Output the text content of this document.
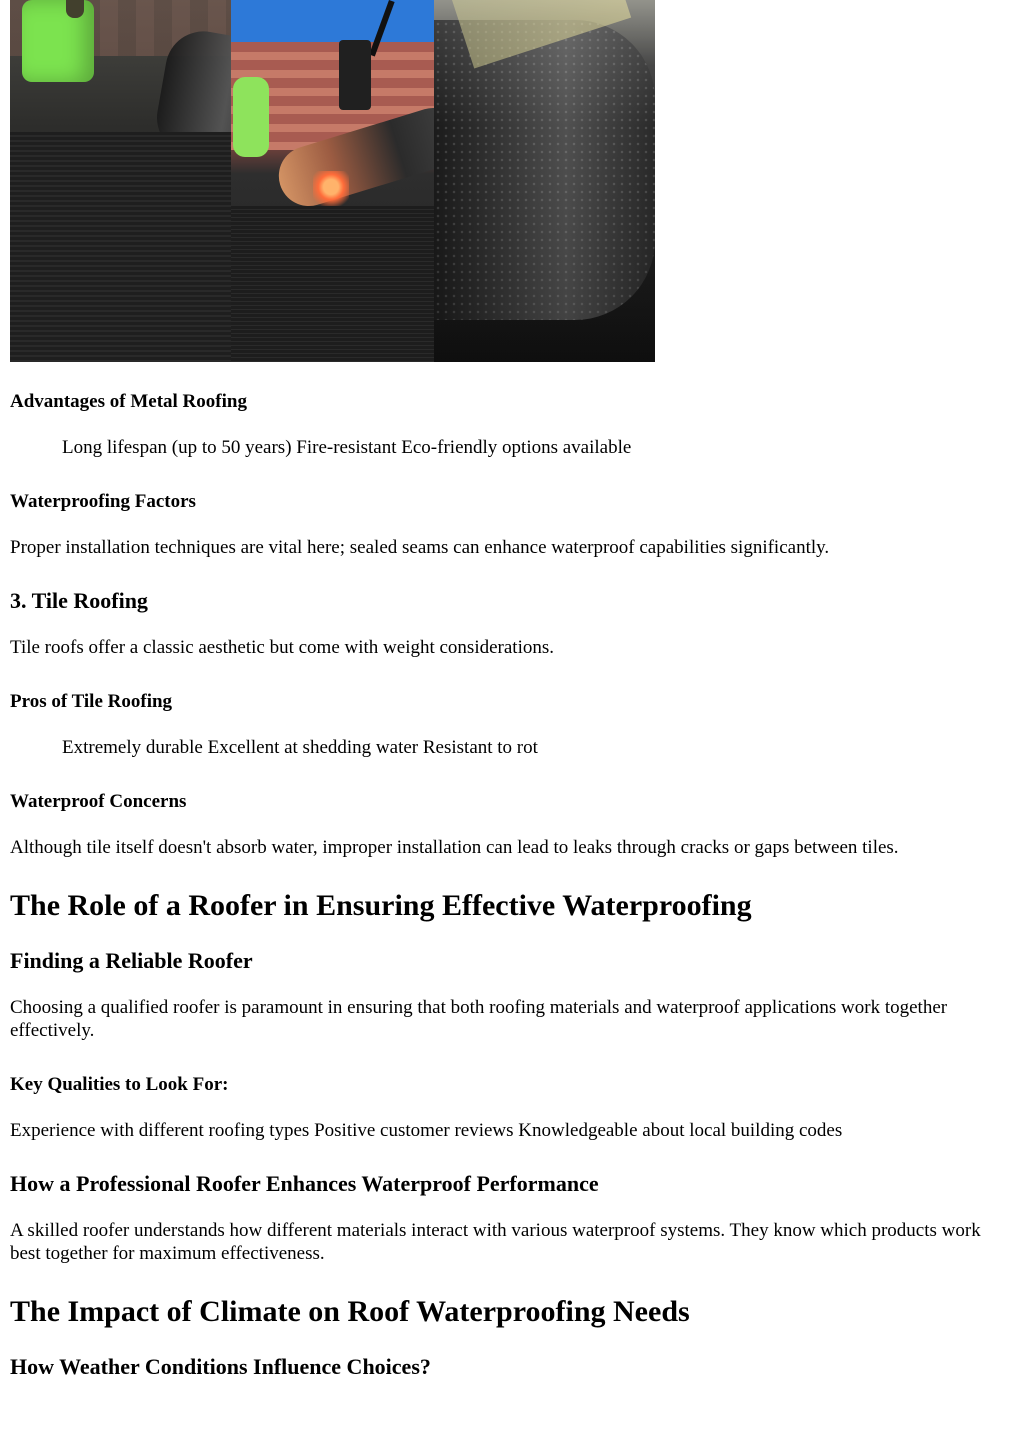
Advantages of Metal Roofing
Long lifespan (up to 50 years) Fire-resistant Eco-friendly options available
Waterproofing Factors
Proper installation techniques are vital here; sealed seams can enhance waterproof capabilities significantly.
3. Tile Roofing
Tile roofs offer a classic aesthetic but come with weight considerations.
Pros of Tile Roofing
Extremely durable Excellent at shedding water Resistant to rot
Waterproof Concerns
Although tile itself doesn't absorb water, improper installation can lead to leaks through cracks or gaps between tiles.
The Role of a Roofer in Ensuring Effective Waterproofing
Finding a Reliable Roofer
Choosing a qualified roofer is paramount in ensuring that both roofing materials and waterproof applications work together effectively.
Key Qualities to Look For:
Experience with different roofing types Positive customer reviews Knowledgeable about local building codes
How a Professional Roofer Enhances Waterproof Performance
A skilled roofer understands how different materials interact with various waterproof systems. They know which products work best together for maximum effectiveness.
The Impact of Climate on Roof Waterproofing Needs
How Weather Conditions Influence Choices?
